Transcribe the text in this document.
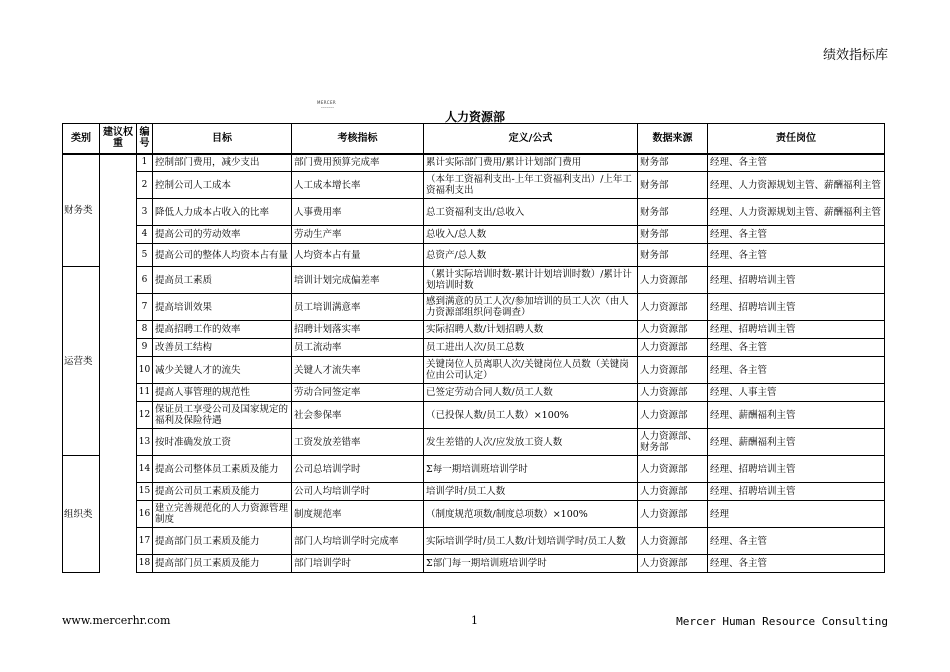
绩效指标库
MERCER
━━━━━━━
人力资源部
类别	建议权重	编号	目标	考核指标	定义/公式	数据来源	责任岗位
财务类		1	控制部门费用，减少支出	部门费用预算完成率	累计实际部门费用/累计计划部门费用	财务部	经理、各主管
		2	控制公司人工成本	人工成本增长率	（本年工资福利支出-上年工资福利支出）/上年工资福利支出	财务部	经理、人力资源规划主管、薪酬福利主管
		3	降低人力成本占收入的比率	人事费用率	总工资福利支出/总收入	财务部	经理、人力资源规划主管、薪酬福利主管
		4	提高公司的劳动效率	劳动生产率	总收入/总人数	财务部	经理、各主管
		5	提高公司的整体人均资本占有量	人均资本占有量	总资产/总人数	财务部	经理、各主管
运营类		6	提高员工素质	培训计划完成偏差率	（累计实际培训时数-累计计划培训时数）/累计计划培训时数	人力资源部	经理、招聘培训主管
		7	提高培训效果	员工培训满意率	感到满意的员工人次/参加培训的员工人次（由人力资源部组织问卷调查）	人力资源部	经理、招聘培训主管
		8	提高招聘工作的效率	招聘计划落实率	实际招聘人数/计划招聘人数	人力资源部	经理、招聘培训主管
		9	改善员工结构	员工流动率	员工进出人次/员工总数	人力资源部	经理、各主管
		10	减少关键人才的流失	关键人才流失率	关键岗位人员离职人次/关键岗位人员数（关键岗位由公司认定）	人力资源部	经理、各主管
		11	提高人事管理的规范性	劳动合同签定率	已签定劳动合同人数/员工人数	人力资源部	经理、人事主管
		12	保证员工享受公司及国家规定的福利及保险待遇	社会参保率	（已投保人数/员工人数）×100%	人力资源部	经理、薪酬福利主管
		13	按时准确发放工资	工资发放差错率	发生差错的人次/应发放工资人数	人力资源部、财务部	经理、薪酬福利主管
组织类		14	提高公司整体员工素质及能力	公司总培训学时	Σ每一期培训班培训学时	人力资源部	经理、招聘培训主管
		15	提高公司员工素质及能力	公司人均培训学时	培训学时/员工人数	人力资源部	经理、招聘培训主管
		16	建立完善规范化的人力资源管理制度	制度规范率	（制度规范项数/制度总项数）×100%	人力资源部	经理
		17	提高部门员工素质及能力	部门人均培训学时完成率	实际培训学时/员工人数/计划培训学时/员工人数	人力资源部	经理、各主管
		18	提高部门员工素质及能力	部门培训学时	Σ部门每一期培训班培训学时	人力资源部	经理、各主管
www.mercerhr.com	1	Mercer Human Resource Consulting
